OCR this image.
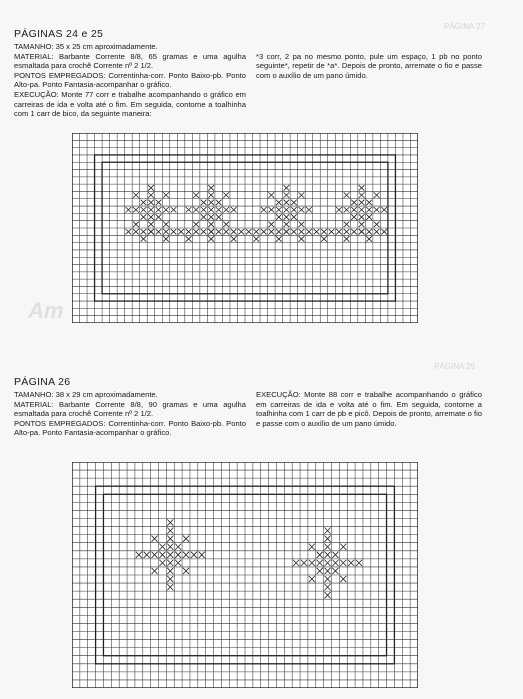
PÁGINA 27
PÁGINA 29
Am
PÁGINAS 24 e 25

TAMANHO: 35 x 25 cm aproximadamente.

MATERIAL: Barbante Corrente 8/8, 65 gramas e uma agulha esmaltada para crochê Corrente nº 2 1/2.

PONTOS EMPREGADOS: Correntinha-corr. Ponto Baixo-pb. Ponto Alto-pa. Ponto Fantasia-acompanhar o gráfico.

EXECUÇÃO: Monte 77 corr e trabalhe acompanhando o gráfico em carreiras de ida e volta até o fim. Em seguida, contorne a toalhinha com 1 carr de bico, da seguinte maneira:

*3 corr, 2 pa no mesmo ponto, pule um espaço, 1 pb no ponto seguinte*, repetir de *a*. Depois de pronto, arremate o fio e passe com o auxílio de um pano úmido.

PÁGINA 26

TAMANHO: 38 x 29 cm aproximadamente.

MATERIAL: Barbante Corrente 8/8, 90 gramas e uma agulha esmaltada para crochê Corrente nº 2 1/2.

PONTOS EMPREGADOS: Correntinha-corr. Ponto Baixo-pb. Ponto Alto-pa. Ponto Fantasia-acompanhar o gráfico.

EXECUÇÃO: Monte 88 corr e trabalhe acompanhando o gráfico em carreiras de ida e volta até o fim. Em seguida, contorne a toalhinha com 1 carr de pb e picô. Depois de pronto, arremate o fio e passe com o auxílio de um pano úmido.
